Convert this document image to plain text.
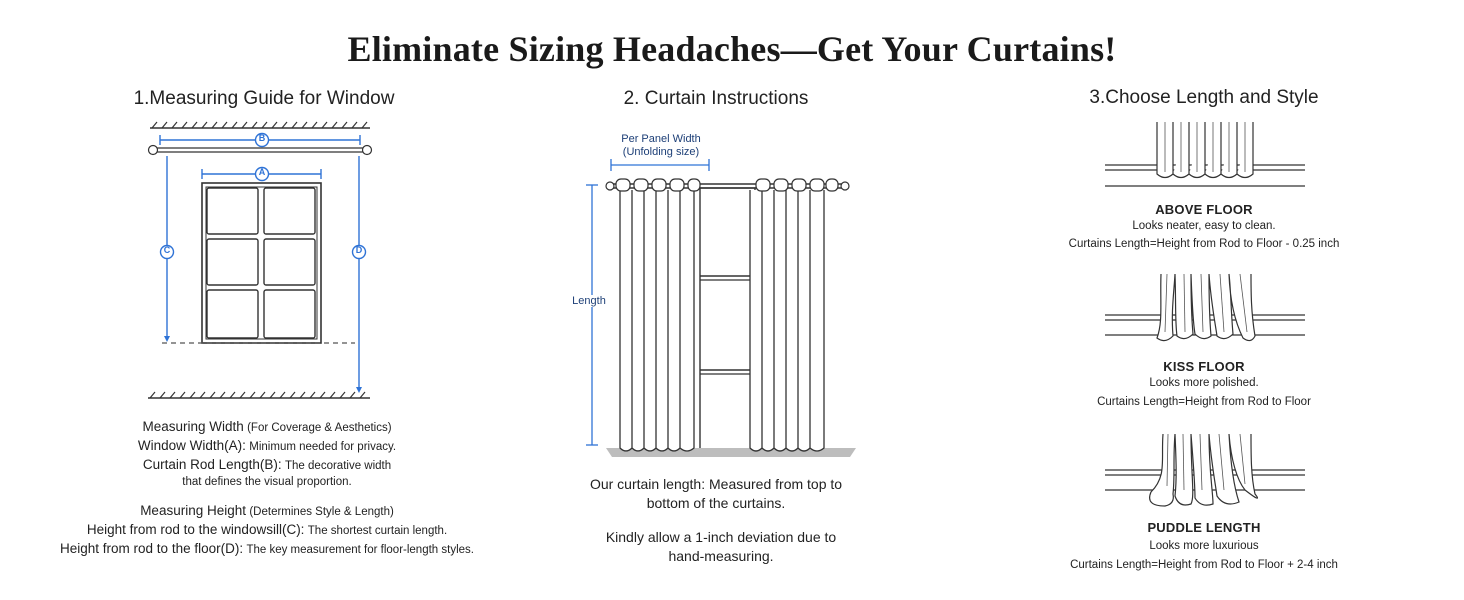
Eliminate Sizing Headaches—Get Your Curtains!
1.Measuring Guide for Window
B
A
C	D
Measuring Width (For Coverage & Aesthetics)
Window Width(A): Minimum needed for privacy.
Curtain Rod Length(B): The decorative width
that defines the visual proportion.
Measuring Height (Determines Style & Length)
Height from rod to the windowsill(C): The shortest curtain length.
Height from rod to the floor(D): The key measurement for floor-length styles.
2. Curtain Instructions
Per Panel Width
(Unfolding size)
Length
Our curtain length: Measured from top to
bottom of the curtains.
Kindly allow a 1-inch deviation due to
hand-measuring.
3.Choose Length and Style
ABOVE FLOOR
Looks neater, easy to clean.
Curtains Length=Height from Rod to Floor - 0.25 inch
KISS FLOOR
Looks more polished.
Curtains Length=Height from Rod to Floor
PUDDLE LENGTH
Looks more luxurious
Curtains Length=Height from Rod to Floor + 2-4 inch
